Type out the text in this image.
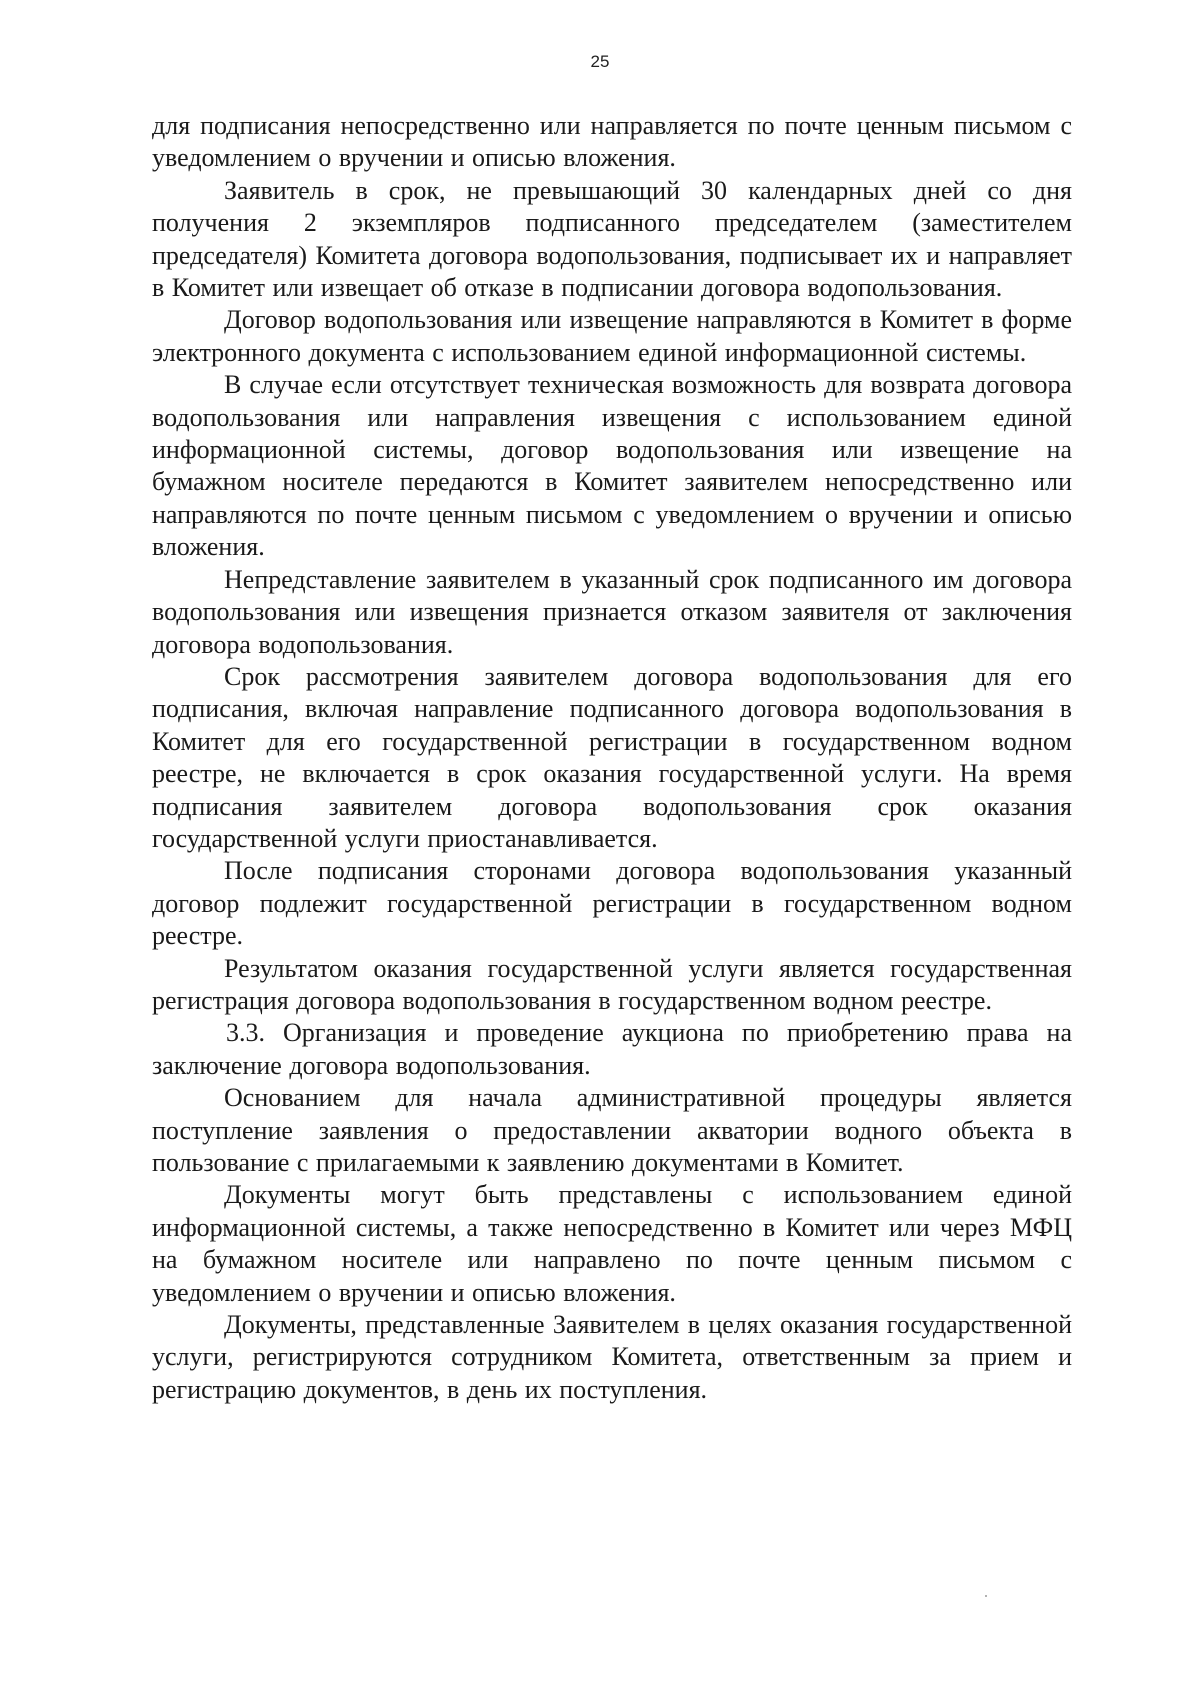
25

для подписания непосредственно или направляется по почте ценным письмом с уведомлением о вручении и описью вложения.

Заявитель в срок, не превышающий 30 календарных дней со дня получения 2 экземпляров подписанного председателем (заместителем председателя) Комитета договора водопользования, подписывает их и направляет в Комитет или извещает об отказе в подписании договора водопользования.

Договор водопользования или извещение направляются в Комитет в форме электронного документа с использованием единой информационной системы.

В случае если отсутствует техническая возможность для возврата договора водопользования или направления извещения с использованием единой информационной системы, договор водопользования или извещение на бумажном носителе передаются в Комитет заявителем непосредственно или направляются по почте ценным письмом с уведомлением о вручении и описью вложения.

Непредставление заявителем в указанный срок подписанного им договора водопользования или извещения признается отказом заявителя от заключения договора водопользования.

Срок рассмотрения заявителем договора водопользования для его подписания, включая направление подписанного договора водопользования в Комитет для его государственной регистрации в государственном водном реестре, не включается в срок оказания государственной услуги. На время подписания заявителем договора водопользования срок оказания государственной услуги приостанавливается.

После подписания сторонами договора водопользования указанный договор подлежит государственной регистрации в государственном водном реестре.

Результатом оказания государственной услуги является государственная регистрация договора водопользования в государственном водном реестре.

3.3. Организация и проведение аукциона по приобретению права на заключение договора водопользования.

Основанием для начала административной процедуры является поступление заявления о предоставлении акватории водного объекта в пользование с прилагаемыми к заявлению документами в Комитет.

Документы могут быть представлены с использованием единой информационной системы, а также непосредственно в Комитет или через МФЦ на бумажном носителе или направлено по почте ценным письмом с уведомлением о вручении и описью вложения.

Документы, представленные Заявителем в целях оказания государственной услуги, регистрируются сотрудником Комитета, ответственным за прием и регистрацию документов, в день их поступления.
